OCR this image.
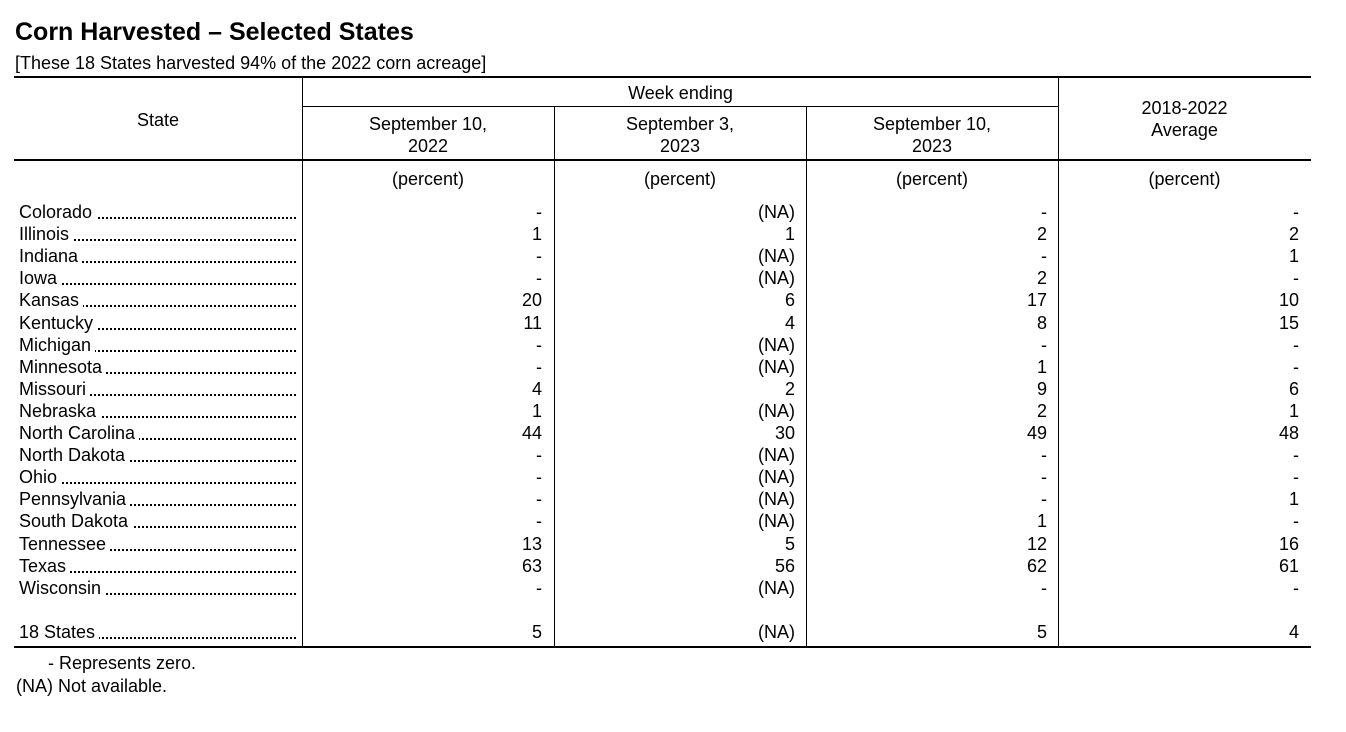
Corn Harvested – Selected States
[These 18 States harvested 94% of the 2022 corn acreage]
State
Week ending
September 10,
2022
September 3,
2023
September 10,
2023
2018-2022
Average
(percent)	(percent)	(percent)	(percent)
Colorado	-	(NA)	-	-
Illinois	1	1	2	2
Indiana	-	(NA)	-	1
Iowa	-	(NA)	2	-
Kansas	20	6	17	10
Kentucky	11	4	8	15
Michigan	-	(NA)	-	-
Minnesota	-	(NA)	1	-
Missouri	4	2	9	6
Nebraska	1	(NA)	2	1
North Carolina	44	30	49	48
North Dakota	-	(NA)	-	-
Ohio	-	(NA)	-	-
Pennsylvania	-	(NA)	-	1
South Dakota	-	(NA)	1	-
Tennessee	13	5	12	16
Texas	63	56	62	61
Wisconsin	-	(NA)	-	-
18 States	5	(NA)	5	4
- Represents zero.
(NA) Not available.
